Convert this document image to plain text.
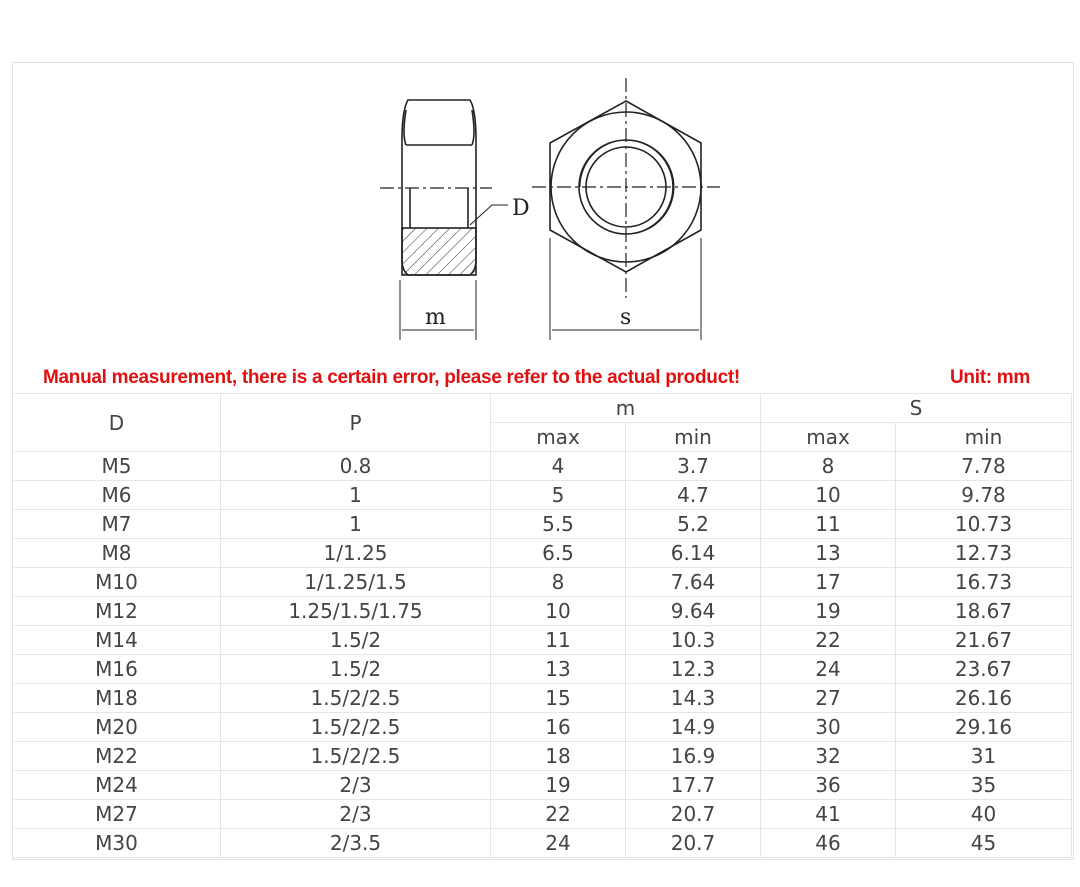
D
m	s
Manual measurement, there is a certain error, please refer to the actual product!	Unit: mm
D	P	m		S	
		max	min	max	min
M5	0.8	4	3.7	8	7.78
M6	1	5	4.7	10	9.78
M7	1	5.5	5.2	11	10.73
M8	1/1.25	6.5	6.14	13	12.73
M10	1/1.25/1.5	8	7.64	17	16.73
M12	1.25/1.5/1.75	10	9.64	19	18.67
M14	1.5/2	11	10.3	22	21.67
M16	1.5/2	13	12.3	24	23.67
M18	1.5/2/2.5	15	14.3	27	26.16
M20	1.5/2/2.5	16	14.9	30	29.16
M22	1.5/2/2.5	18	16.9	32	31
M24	2/3	19	17.7	36	35
M27	2/3	22	20.7	41	40
M30	2/3.5	24	20.7	46	45
